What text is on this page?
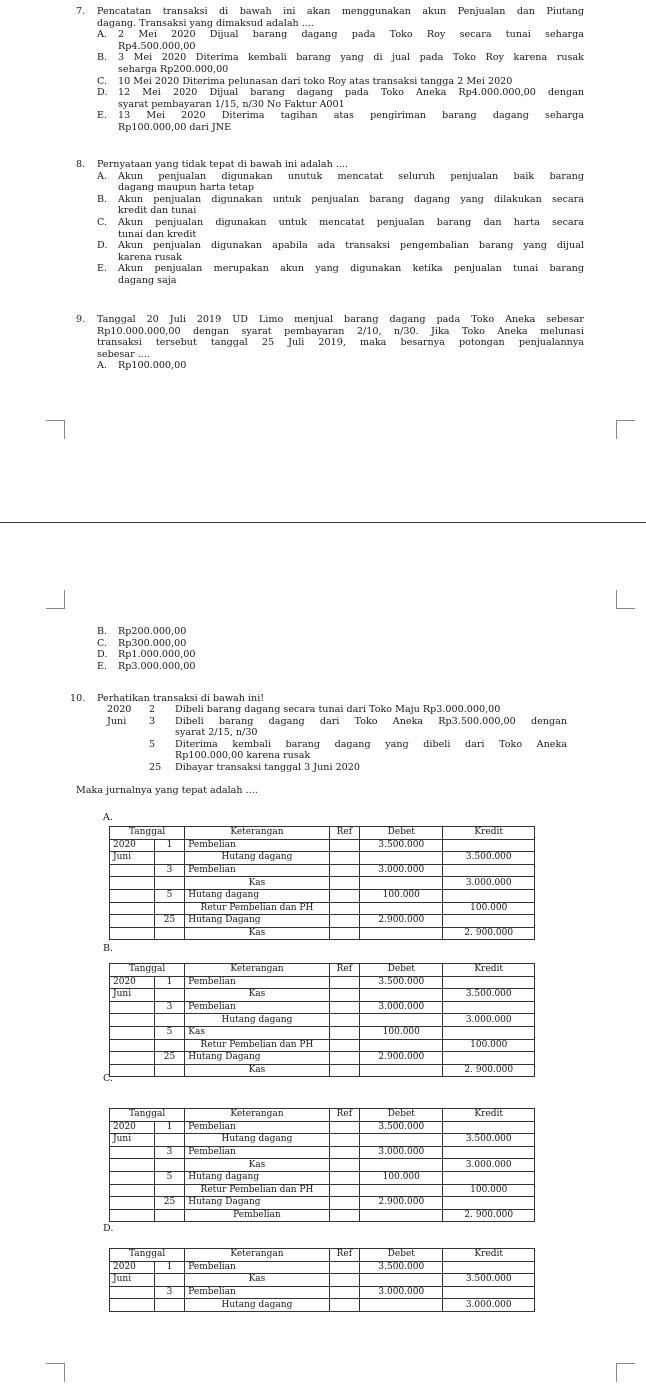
7. Pencatatan transaksi di bawah ini akan menggunakan akun Penjualan dan Piutang
dagang. Transaksi yang dimaksud adalah ....
A. 2 Mei 2020 Dijual barang dagang pada Toko Roy secara tunai seharga
Rp4.500.000,00
B. 3 Mei 2020 Diterima kembali barang yang di jual pada Toko Roy karena rusak
seharga Rp200.000,00
C. 10 Mei 2020 Diterima pelunasan dari toko Roy atas transaksi tangga 2 Mei 2020
D. 12 Mei 2020 Dijual barang dagang pada Toko Aneka Rp4.000.000,00 dengan
syarat pembayaran 1/15, n/30 No Faktur A001
E. 13 Mei 2020 Diterima tagihan atas pengiriman barang dagang seharga
Rp100.000,00 dari JNE
8. Pernyataan yang tidak tepat di bawah ini adalah ....
A. Akun penjualan digunakan unutuk mencatat seluruh penjualan baik barang
dagang maupun harta tetap
B. Akun penjualan digunakan untuk penjualan barang dagang yang dilakukan secara
kredit dan tunai
C. Akun penjualan digunakan untuk mencatat penjualan barang dan harta secara
tunai dan kredit
D. Akun penjualan digunakan apabila ada transaksi pengembalian barang yang dijual
karena rusak
E. Akun penjualan merupakan akun yang digunakan ketika penjualan tunai barang
dagang saja
9. Tanggal 20 Juli 2019 UD Limo menjual barang dagang pada Toko Aneka sebesar
Rp10.000.000,00 dengan syarat pembayaran 2/10, n/30. Jika Toko Aneka melunasi
transaksi tersebut tanggal 25 Juli 2019, maka besarnya potongan penjualannya
sebesar ....
A. Rp100.000,00
B. Rp200.000,00
C. Rp300.000,00
D. Rp1.000.000,00
E. Rp3.000.000,00
10. Perhatikan transaksi di bawah ini!
2020 2 Dibeli barang dagang secara tunai dari Toko Maju Rp3.000.000,00
Juni 3 Dibeli barang dagang dari Toko Aneka Rp3.500.000,00 dengan
syarat 2/15, n/30
5 Diterima kembali barang dagang yang dibeli dari Toko Aneka
Rp100.000,00 karena rusak
25 Dibayar transaksi tanggal 3 Juni 2020
Maka jurnalnya yang tepat adalah ....
A.
Tanggal		Keterangan	Ref	Debet	Kredit
2020	1	Pembelian		3.500.000	
Juni		Hutang dagang			3.500.000
	3	Pembelian		3.000.000	
		Kas			3.000.000
	5	Hutang dagang		100.000	
		Retur Pembelian dan PH			100.000
	25	Hutang Dagang		2.900.000	
		Kas			2. 900.000
B.
Tanggal		Keterangan	Ref	Debet	Kredit
2020	1	Pembelian		3.500.000	
Juni		Kas			3.500.000
	3	Pembelian		3.000.000	
		Hutang dagang			3.000.000
	5	Kas		100.000	
		Retur Pembelian dan PH			100.000
	25	Hutang Dagang		2.900.000	
		Kas			2. 900.000
C.
Tanggal		Keterangan	Ref	Debet	Kredit
2020	1	Pembelian		3.500.000	
Juni		Hutang dagang			3.500.000
	3	Pembelian		3.000.000	
		Kas			3.000.000
	5	Hutang dagang		100.000	
		Retur Pembelian dan PH			100.000
	25	Hutang Dagang		2.900.000	
		Pembelian			2. 900.000
D.
Tanggal		Keterangan	Ref	Debet	Kredit
2020	1	Pembelian		3.500.000	
Juni		Kas			3.500.000
	3	Pembelian		3.000.000	
		Hutang dagang			3.000.000
